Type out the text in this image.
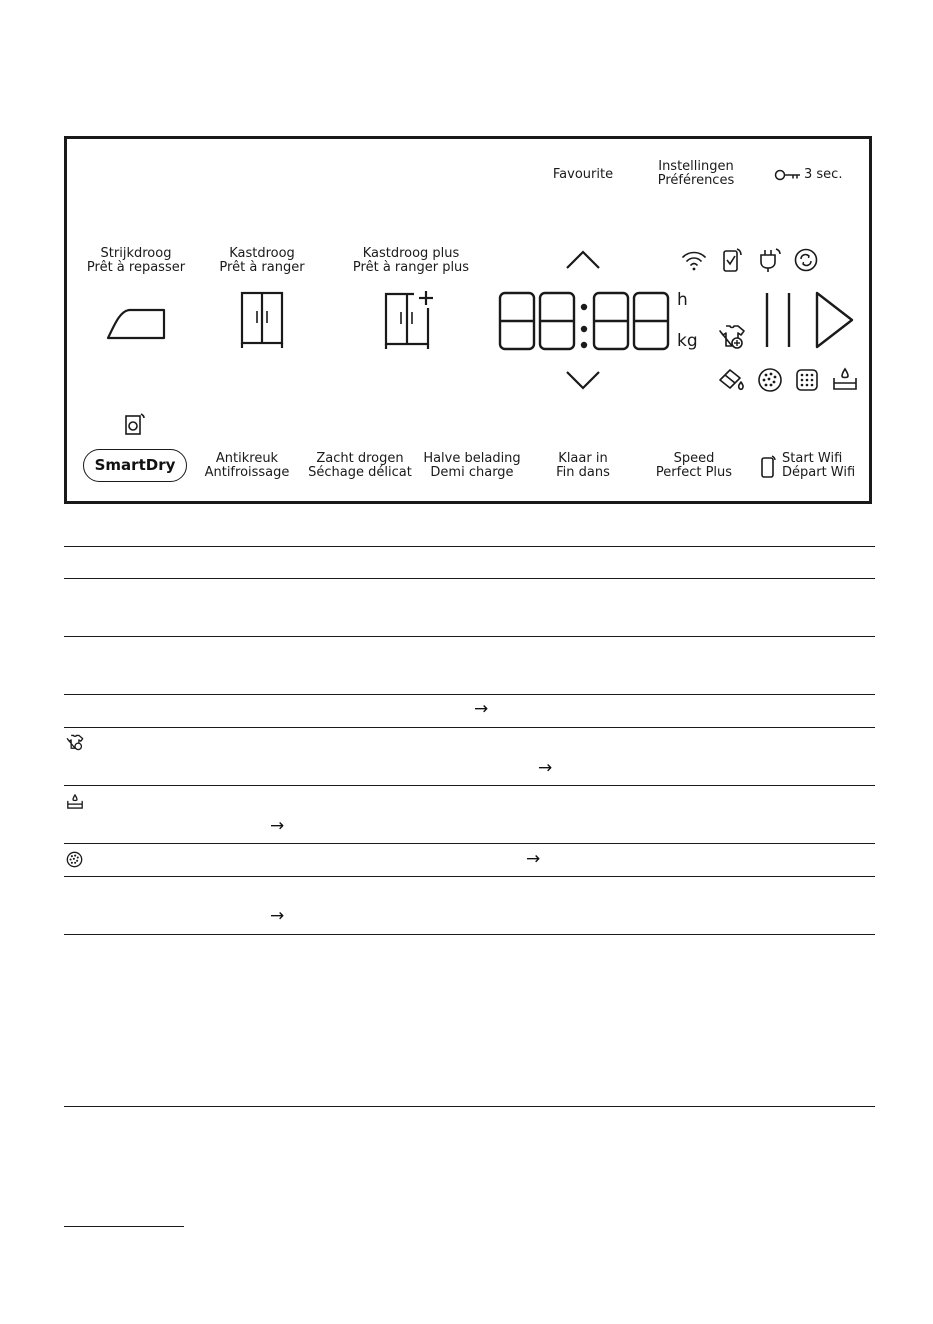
Favourite
Instellingen
Préférences	3 sec.
Strijkdroog
Prêt à repasser
Kastdroog
Prêt à ranger
Kastdroog plus
Prêt à ranger plus
h
kg
SmartDry	Antikreuk
Antifroissage
Zacht drogen
Séchage délicat
Halve belading
Demi charge
Klaar in
Fin dans
Speed
Perfect Plus
Start Wifi
Départ Wifi
→
→
→
→
→
